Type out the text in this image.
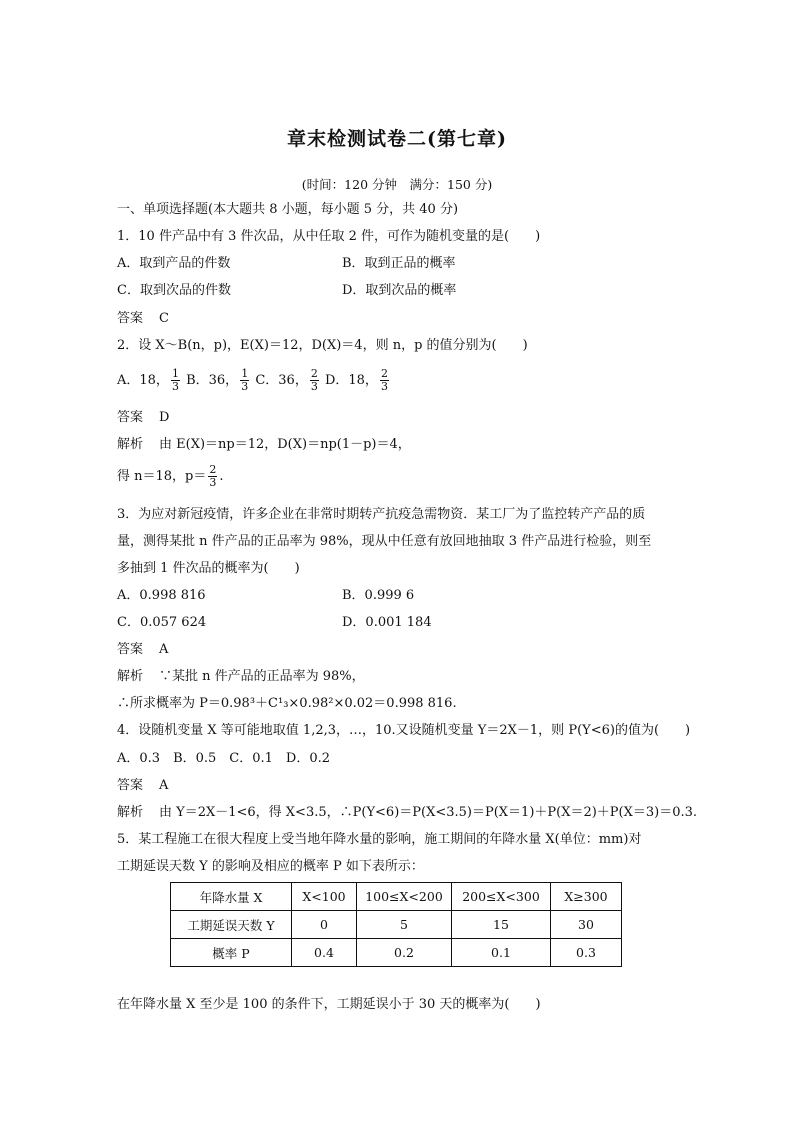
章末检测试卷二(第七章)
(时间：120 分钟　满分：150 分)
一、单项选择题(本大题共 8 小题，每小题 5 分，共 40 分)
1．10 件产品中有 3 件次品，从中任取 2 件，可作为随机变量的是(　　)
A．取到产品的件数	B．取到正品的概率
C．取到次品的件数	D．取到次品的概率
答案 C
2．设 X～B(n，p)，E(X)＝12，D(X)＝4，则 n，p 的值分别为(　　)
A．18， $\frac{1}{3}$ B．36， $\frac{1}{3}$ C．36， $\frac{2}{3}$ D．18， $\frac{2}{3}$
答案 D
解析 由 E(X)＝np＝12，D(X)＝np(1－p)＝4，
得 n＝18，$p= \frac{2}{3}$ .
3．为应对新冠疫情，许多企业在非常时期转产抗疫急需物资．某工厂为了监控转产产品的质
量，测得某批 n 件产品的正品率为 98%，现从中任意有放回地抽取 3 件产品进行检验，则至
多抽到 1 件次品的概率为(　　)
A．0.998 816	B．0.999 6
C．0.057 624	D．0.001 184
答案 A
解析 ∵某批 n 件产品的正品率为 98%，
∴所求概率为 P＝0.98³＋C¹₃×0.98²×0.02＝0.998 816.
4．设随机变量 X 等可能地取值 1,2,3，…，10.又设随机变量 Y＝2X－1，则 P(Y<6)的值为(　　)
A．0.3　B．0.5　C．0.1　D．0.2
答案 A
解析 由 Y＝2X－1<6，得 X<3.5，∴P(Y<6)＝P(X<3.5)＝P(X＝1)＋P(X＝2)＋P(X＝3)＝0.3.
5．某工程施工在很大程度上受当地年降水量的影响，施工期间的年降水量 X(单位：mm)对
工期延误天数 Y 的影响及相应的概率 P 如下表所示：
年降水量 X	X<100	100≤X<200	200≤X<300	X≥300
工期延误天数 Y	0	5	15	30
概率 P	0.4	0.2	0.1	0.3
在年降水量 X 至少是 100 的条件下，工期延误小于 30 天的概率为(　　)
